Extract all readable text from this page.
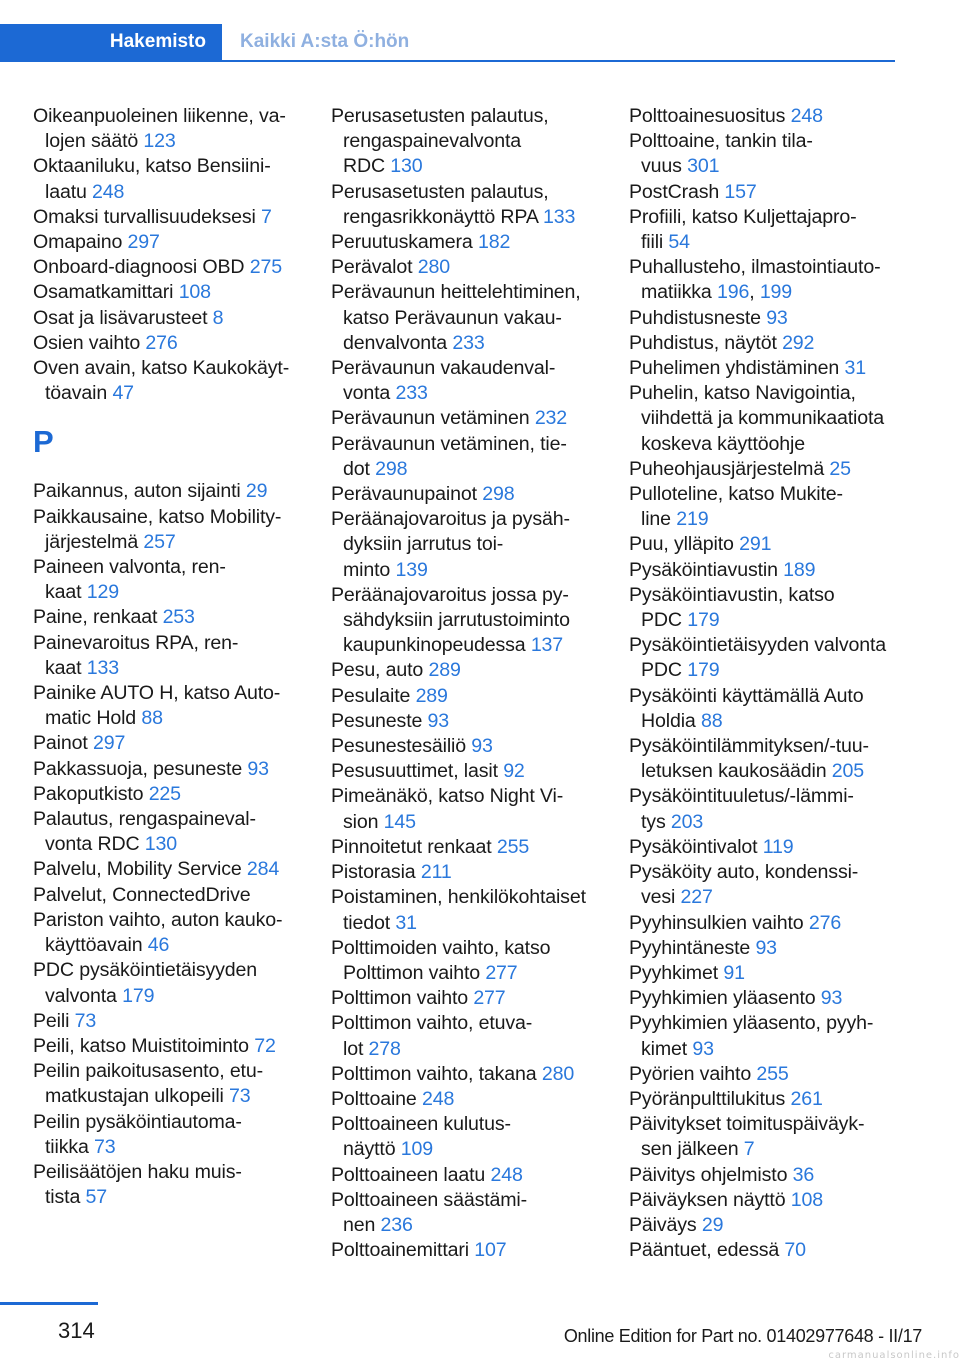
Hakemisto	Kaikki A:sta Ö:hön

Oikeanpuoleinen liikenne, va‐
lojen säätö 123

Oktaaniluku, katso Bensiini‐
laatu 248

Omaksi turvallisuudeksesi 7

Omapaino 297

Onboard-diagnoosi OBD 275

Osamatkamittari 108

Osat ja lisävarusteet 8

Osien vaihto 276

Oven avain, katso Kaukokäyt‐
töavain 47

P

Paikannus, auton sijainti 29

Paikkausaine, katso Mobility-
järjestelmä 257

Paineen valvonta, ren‐
kaat 129

Paine, renkaat 253

Painevaroitus RPA, ren‐
kaat 133

Painike AUTO H, katso Auto‐
matic Hold 88

Painot 297

Pakkassuoja, pesuneste 93

Pakoputkisto 225

Palautus, rengaspaineval‐
vonta RDC 130

Palvelu, Mobility Service 284

Palvelut, ConnectedDrive

Pariston vaihto, auton kauko‐
käyttöavain 46

PDC pysäköintietäisyyden
valvonta 179

Peili 73

Peili, katso Muistitoiminto 72

Peilin paikoitusasento, etu‐
matkustajan ulkopeili 73

Peilin pysäköintiautoma‐
tiikka 73

Peilisäätöjen haku muis‐
tista 57

Perusasetusten palautus,
rengaspainevalvonta
RDC 130

Perusasetusten palautus,
rengasrikkonäyttö RPA 133

Peruutuskamera 182

Perävalot 280

Perävaunun heittelehtiminen,
katso Perävaunun vakau‐
denvalvonta 233

Perävaunun vakaudenval‐
vonta 233

Perävaunun vetäminen 232

Perävaunun vetäminen, tie‐
dot 298

Perävaunupainot 298

Peräänajovaroitus ja pysäh‐
dyksiin jarrutus toi‐
minto 139

Peräänajovaroitus jossa py‐
sähdyksiin jarrutustoiminto
kaupunkinopeudessa 137

Pesu, auto 289

Pesulaite 289

Pesuneste 93

Pesunestesäiliö 93

Pesusuuttimet, lasit 92

Pimeänäkö, katso Night Vi‐
sion 145

Pinnoitetut renkaat 255

Pistorasia 211

Poistaminen, henkilökohtaiset
tiedot 31

Polttimoiden vaihto, katso
Polttimon vaihto 277

Polttimon vaihto 277

Polttimon vaihto, etuva‐
lot 278

Polttimon vaihto, takana 280

Polttoaine 248

Polttoaineen kulutus‐
näyttö 109

Polttoaineen laatu 248

Polttoaineen säästämi‐
nen 236

Polttoainemittari 107

Polttoainesuositus 248

Polttoaine, tankin tila‐
vuus 301

PostCrash 157

Profiili, katso Kuljettajapro‐
fiili 54

Puhallusteho, ilmastointiauto‐
matiikka 196, 199

Puhdistusneste 93

Puhdistus, näytöt 292

Puhelimen yhdistäminen 31

Puhelin, katso Navigointia,
viihdettä ja kommunikaatiota
koskeva käyttöohje

Puheohjausjärjestelmä 25

Pulloteline, katso Mukite‐
line 219

Puu, ylläpito 291

Pysäköintiavustin 189

Pysäköintiavustin, katso
PDC 179

Pysäköintietäisyyden valvonta
PDC 179

Pysäköinti käyttämällä Auto
Holdia 88

Pysäköintilämmityksen/-tuu‐
letuksen kaukosäädin 205

Pysäköintituuletus/-lämmi‐
tys 203

Pysäköintivalot 119

Pysäköity auto, kondenssi‐
vesi 227

Pyyhinsulkien vaihto 276

Pyyhintäneste 93

Pyyhkimet 91

Pyyhkimien yläasento 93

Pyyhkimien yläasento, pyyh‐
kimet 93

Pyörien vaihto 255

Pyöränpulttilukitus 261

Päivitykset toimituspäiväyk‐
sen jälkeen 7

Päivitys ohjelmisto 36

Päiväyksen näyttö 108

Päiväys 29

Pääntuet, edessä 70

314	Online Edition for Part no. 01402977648 - II/17
carmanualsonline.info
